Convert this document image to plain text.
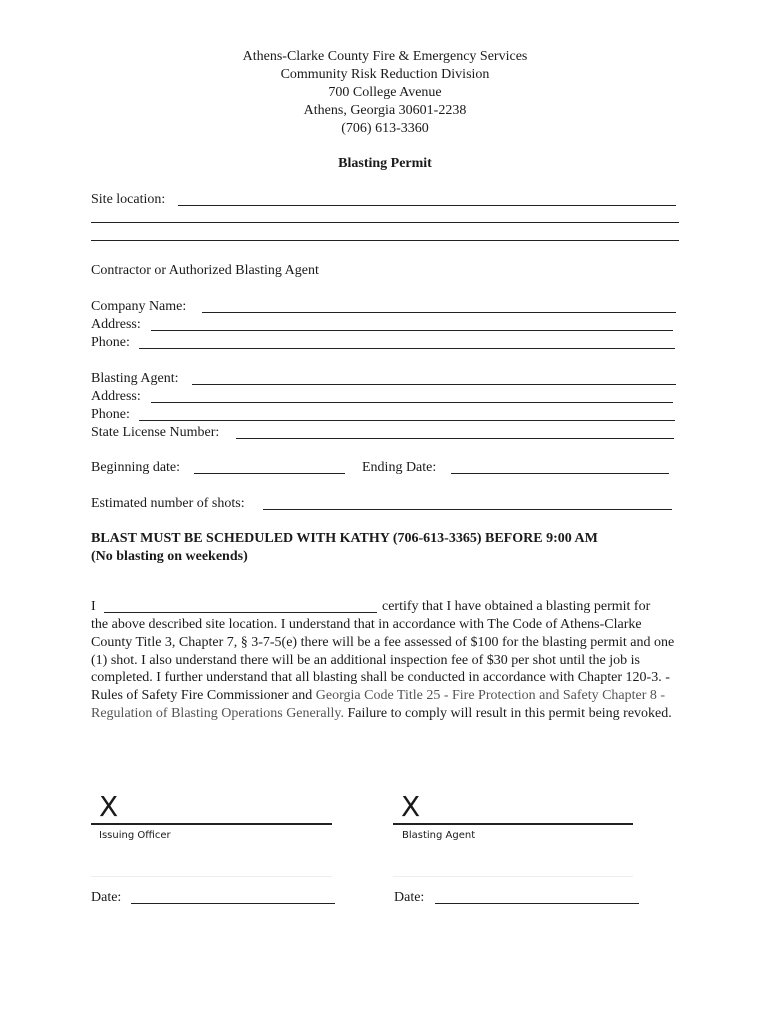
Athens-Clarke County Fire & Emergency Services
Community Risk Reduction Division
700 College Avenue
Athens, Georgia 30601-2238
(706) 613-3360
Blasting Permit
Site location:
Contractor or Authorized Blasting Agent
Company Name:
Address:
Phone:
Blasting Agent:
Address:
Phone:
State License Number:
Beginning date:	Ending Date:
Estimated number of shots:
BLAST MUST BE SCHEDULED WITH KATHY (706-613-3365) BEFORE 9:00 AM
(No blasting on weekends)
I	certify that I have obtained a blasting permit for
the above described site location. I understand that in accordance with The Code of Athens-Clarke County Title 3, Chapter 7, § 3-7-5(e) there will be a fee assessed of $100 for the blasting permit and one (1) shot. I also understand there will be an additional inspection fee of $30 per shot until the job is completed. I further understand that all blasting shall be conducted in accordance with Chapter 120-3. - Rules of Safety Fire Commissioner and Georgia Code Title 25 - Fire Protection and Safety Chapter 8 - Regulation of Blasting Operations Generally. Failure to comply will result in this permit being revoked.
X
Issuing Officer
X
Blasting Agent
Date:	Date:
